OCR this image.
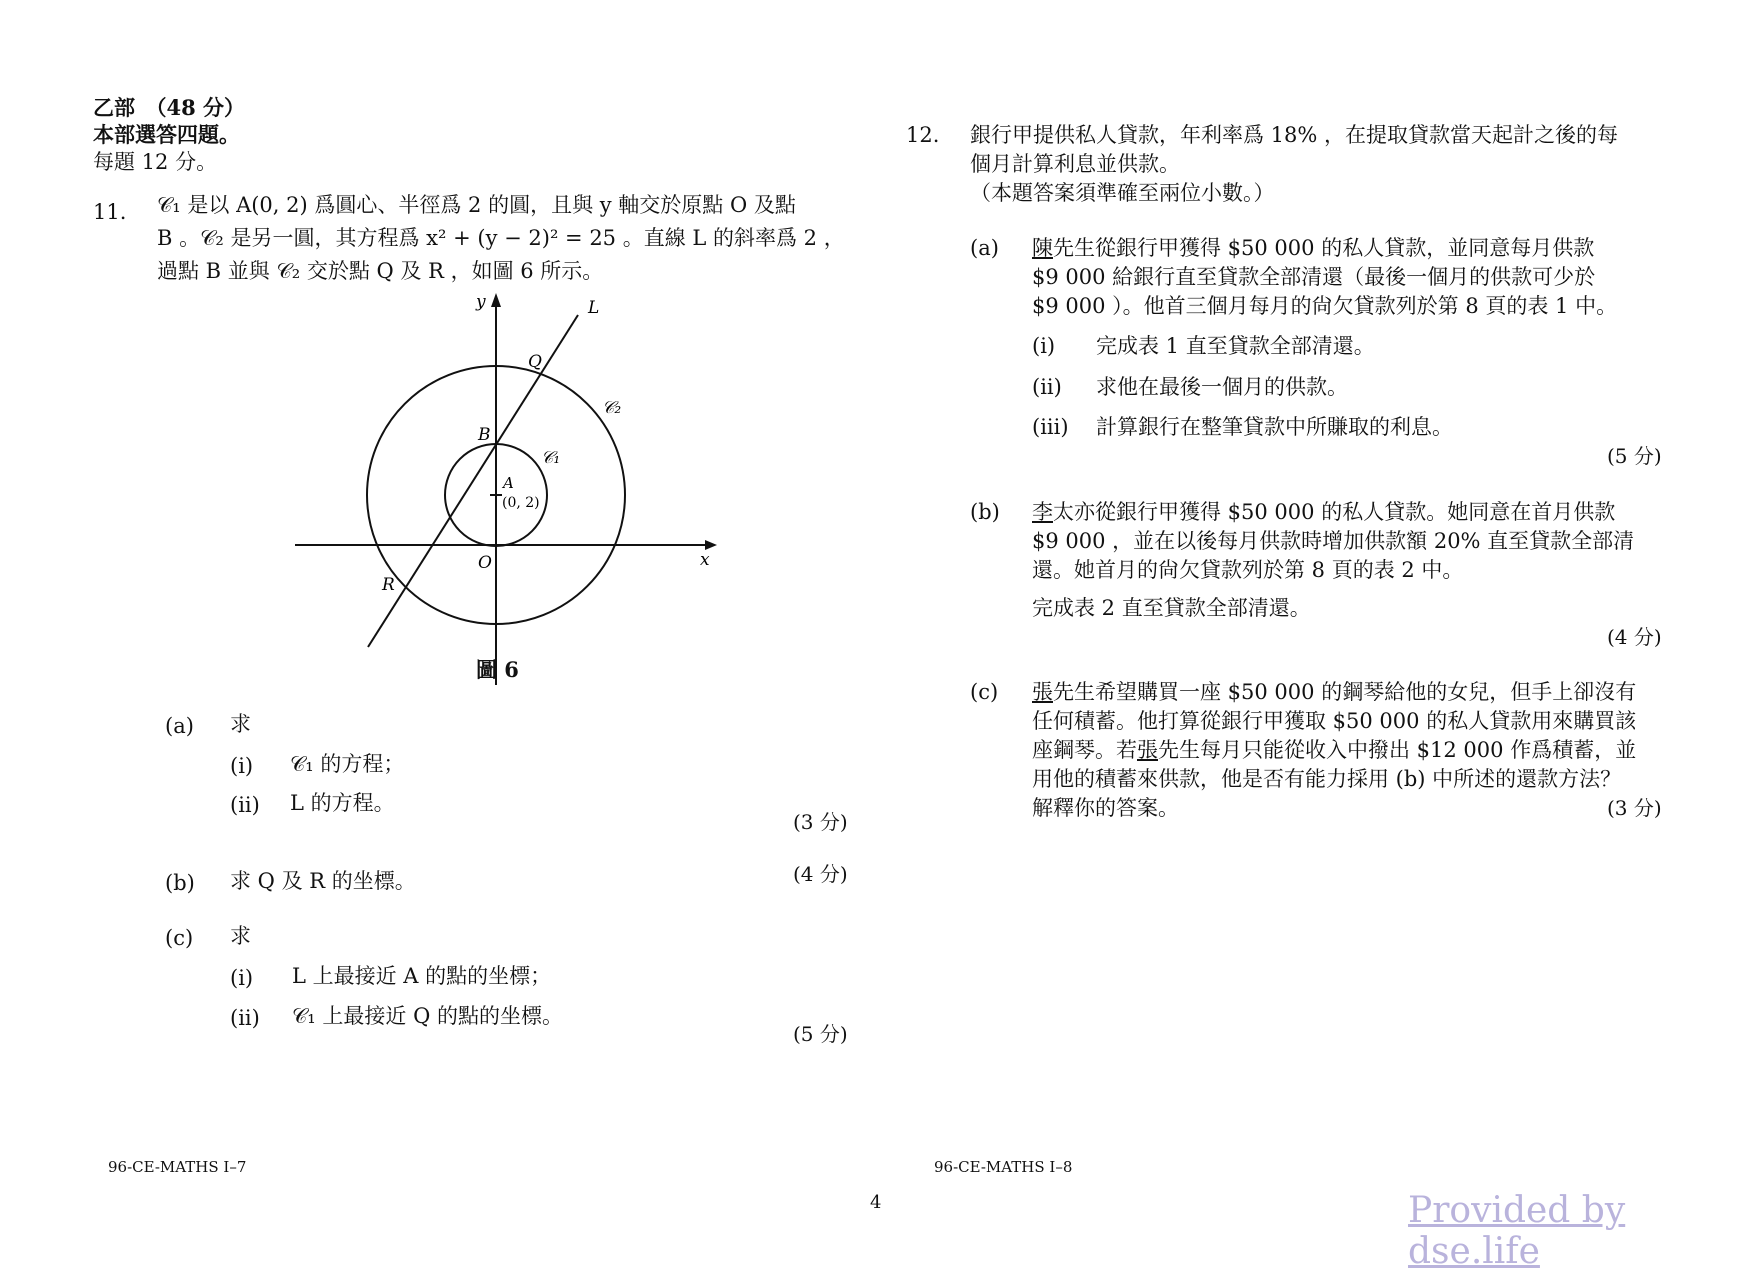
乙部　（48 分）
本部選答四題。
每題 12 分。
11. 𝒞₁ 是以 A(0, 2) 爲圓心、半徑爲 2 的圓，且與 y 軸交於原點 O 及點
B 。𝒞₂ 是另一圓，其方程爲 x² + (y − 2)² = 25 。直線 L 的斜率爲 2 ，
過點 B 並與 𝒞₂ 交於點 Q 及 R ，如圖 6 所示。
y
x
L
Q
B
A
(0, 2)
O
R
𝒞₁
𝒞₂
圖 6
(a) 求
(i) 𝒞₁ 的方程；
(ii) L 的方程。
(3 分)
(b) 求 Q 及 R 的坐標。	(4 分)
(c) 求
(i) L 上最接近 A 的點的坐標；
(ii) 𝒞₁ 上最接近 Q 的點的坐標。
(5 分)
96-CE-MATHS I–7
12. 銀行甲提供私人貸款，年利率爲 18% ，在提取貸款當天起計之後的每
個月計算利息並供款。
（本題答案須準確至兩位小數。）
(a) 陳先生從銀行甲獲得 $50 000 的私人貸款，並同意每月供款
$9 000 給銀行直至貸款全部清還（最後一個月的供款可少於
$9 000 ）。他首三個月每月的尙欠貸款列於第 8 頁的表 1 中。
(i) 完成表 1 直至貸款全部清還。
(ii) 求他在最後一個月的供款。
(iii) 計算銀行在整筆貸款中所賺取的利息。
(5 分)
(b) 李太亦從銀行甲獲得 $50 000 的私人貸款。她同意在首月供款
$9 000 ，並在以後每月供款時增加供款額 20% 直至貸款全部清
還。她首月的尙欠貸款列於第 8 頁的表 2 中。
完成表 2 直至貸款全部清還。
(4 分)
(c) 張先生希望購買一座 $50 000 的鋼琴給他的女兒，但手上卻沒有
任何積蓄。他打算從銀行甲獲取 $50 000 的私人貸款用來購買該
座鋼琴。若張先生每月只能從收入中撥出 $12 000 作爲積蓄，並
用他的積蓄來供款，他是否有能力採用 (b) 中所述的還款方法？
解釋你的答案。	(3 分)
96-CE-MATHS I–8
4	Provided by dse.life
